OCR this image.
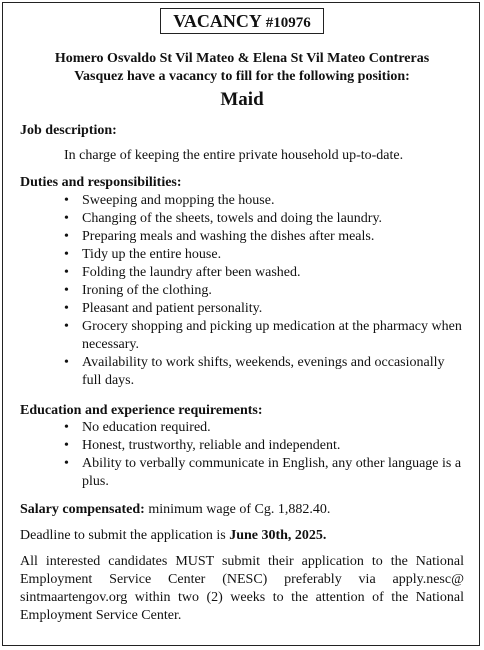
VACANCY #10976
Homero Osvaldo St Vil Mateo & Elena St Vil Mateo Contreras
Vasquez have a vacancy to fill for the following position:
Maid
Job description:
In charge of keeping the entire private household up-to-date.
Duties and responsibilities:
• Sweeping and mopping the house.
• Changing of the sheets, towels and doing the laundry.
• Preparing meals and washing the dishes after meals.
• Tidy up the entire house.
• Folding the laundry after been washed.
• Ironing of the clothing.
• Pleasant and patient personality.
• Grocery shopping and picking up medication at the pharmacy when necessary.
• Availability to work shifts, weekends, evenings and occasionally full days.
Education and experience requirements:
• No education required.
• Honest, trustworthy, reliable and independent.
• Ability to verbally communicate in English, any other language is a plus.
Salary compensated: minimum wage of Cg. 1,882.40.
Deadline to submit the application is June 30th, 2025.
All interested candidates MUST submit their application to the National Employment Service Center (NESC) preferably via apply.nesc@ sintmaartengov.org within two (2) weeks to the attention of the National Employment Service Center.
